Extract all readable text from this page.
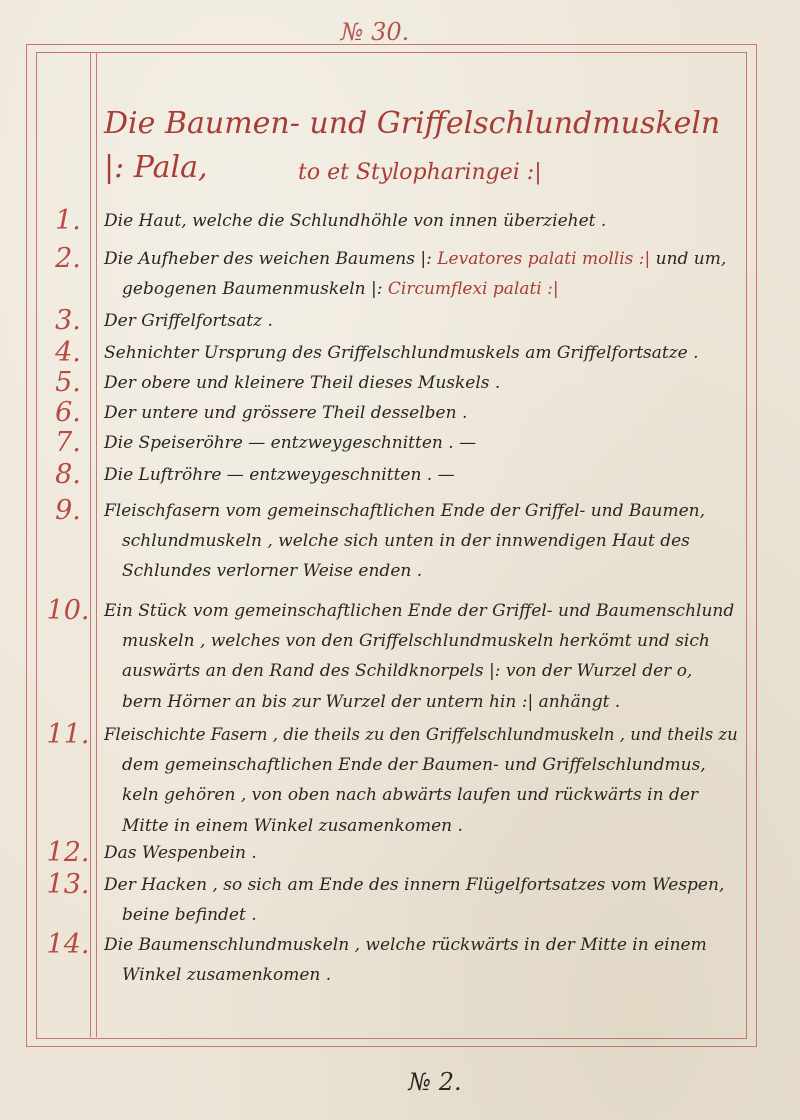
№ 30.
Die Baumen- und Griffelschlundmuskeln |: Pala,	to et Stylopharingei :|
1.	Die Haut, welche die Schlundhöhle von innen überziehet .
2.	Die Aufheber des weichen Baumens |: Levatores palati mollis :| und um,
gebogenen Baumenmuskeln |: Circumflexi palati :|
3.	Der Griffelfortsatz .
4.	Sehnichter Ursprung des Griffelschlundmuskels am Griffelfortsatze .
5.	Der obere und kleinere Theil dieses Muskels .
6.	Der untere und grössere Theil desselben .
7.	Die Speiseröhre — entzweygeschnitten . —
8.	Die Luftröhre — entzweygeschnitten . —
9.	Fleischfasern vom gemeinschaftlichen Ende der Griffel- und Baumen,
schlundmuskeln , welche sich unten in der innwendigen Haut des
Schlundes verlorner Weise enden .
10. Ein Stück vom gemeinschaftlichen Ende der Griffel- und Baumenschlund
muskeln , welches von den Griffelschlundmuskeln herkömt und sich
auswärts an den Rand des Schildknorpels |: von der Wurzel der o,
bern Hörner an bis zur Wurzel der untern hin :| anhängt .
11. Fleischichte Fasern , die theils zu den Griffelschlundmuskeln , und theils zu
dem gemeinschaftlichen Ende der Baumen- und Griffelschlundmus,
keln gehören , von oben nach abwärts laufen und rückwärts in der
Mitte in einem Winkel zusamenkomen .
12. Das Wespenbein .
13. Der Hacken , so sich am Ende des innern Flügelfortsatzes vom Wespen,
beine befindet .
14. Die Baumenschlundmuskeln , welche rückwärts in der Mitte in einem
Winkel zusamenkomen .
№ 2.
